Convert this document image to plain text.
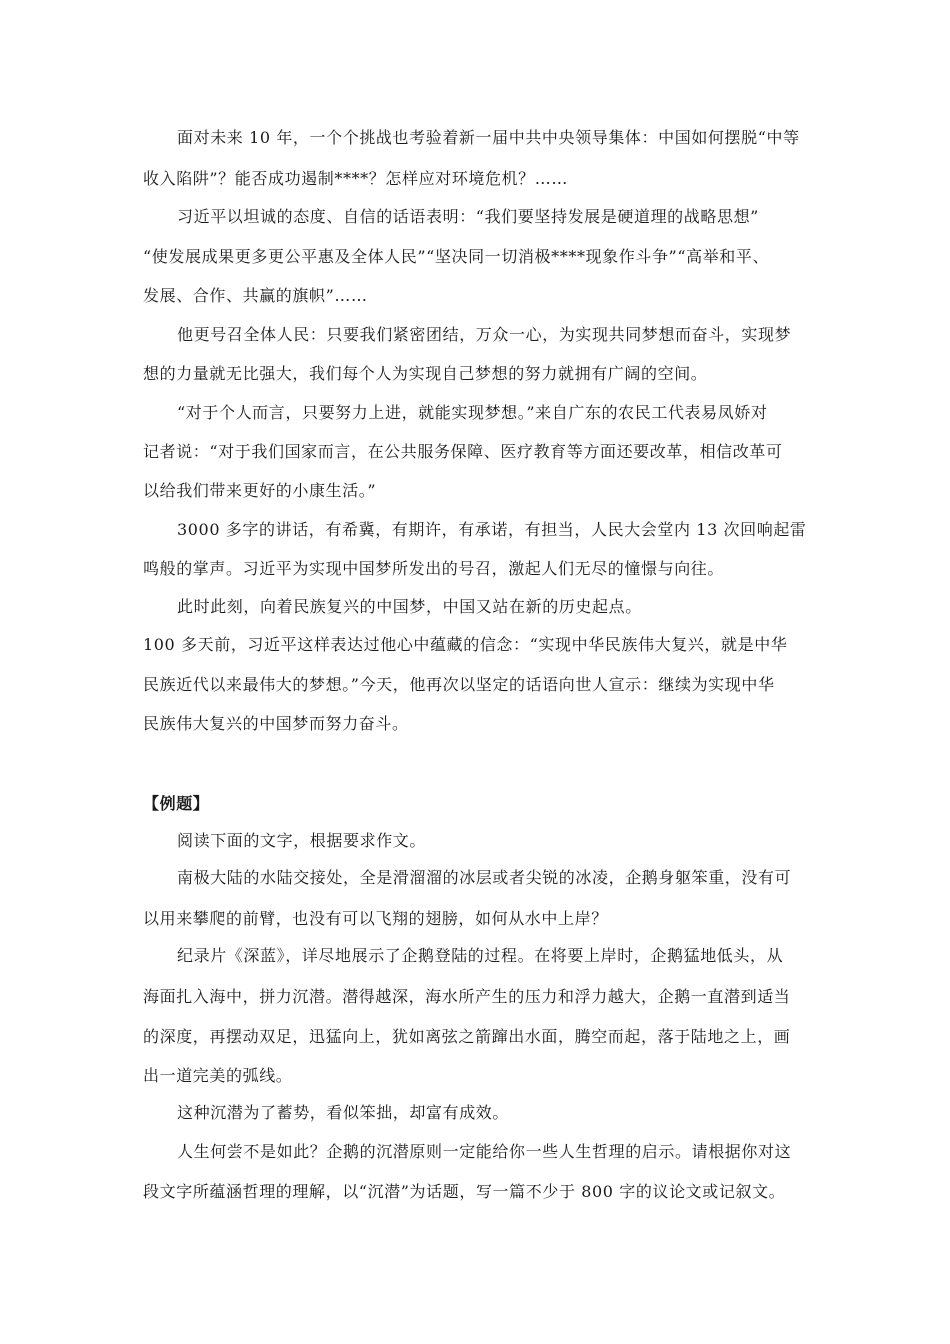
面对未来 10 年，一个个挑战也考验着新一届中共中央领导集体：中国如何摆脱“中等
收入陷阱”？能否成功遏制****？怎样应对环境危机？……
习近平以坦诚的态度、自信的话语表明：“我们要坚持发展是硬道理的战略思想”
“使发展成果更多更公平惠及全体人民”“坚决同一切消极****现象作斗争”“高举和平、
发展、合作、共赢的旗帜”……
他更号召全体人民：只要我们紧密团结，万众一心，为实现共同梦想而奋斗，实现梦
想的力量就无比强大，我们每个人为实现自己梦想的努力就拥有广阔的空间。
“对于个人而言，只要努力上进，就能实现梦想。”来自广东的农民工代表易凤娇对
记者说：“对于我们国家而言，在公共服务保障、医疗教育等方面还要改革，相信改革可
以给我们带来更好的小康生活。”
3000 多字的讲话，有希冀，有期许，有承诺，有担当，人民大会堂内 13 次回响起雷
鸣般的掌声。习近平为实现中国梦所发出的号召，激起人们无尽的憧憬与向往。
此时此刻，向着民族复兴的中国梦，中国又站在新的历史起点。
100 多天前，习近平这样表达过他心中蕴藏的信念：“实现中华民族伟大复兴，就是中华
民族近代以来最伟大的梦想。”今天，他再次以坚定的话语向世人宣示：继续为实现中华
民族伟大复兴的中国梦而努力奋斗。
【例题】
阅读下面的文字，根据要求作文。
南极大陆的水陆交接处，全是滑溜溜的冰层或者尖锐的冰凌，企鹅身躯笨重，没有可
以用来攀爬的前臂，也没有可以飞翔的翅膀，如何从水中上岸？
纪录片《深蓝》，详尽地展示了企鹅登陆的过程。在将要上岸时，企鹅猛地低头，从
海面扎入海中，拼力沉潜。潜得越深，海水所产生的压力和浮力越大，企鹅一直潜到适当
的深度，再摆动双足，迅猛向上，犹如离弦之箭蹿出水面，腾空而起，落于陆地之上，画
出一道完美的弧线。
这种沉潜为了蓄势，看似笨拙，却富有成效。
人生何尝不是如此？企鹅的沉潜原则一定能给你一些人生哲理的启示。请根据你对这
段文字所蕴涵哲理的理解，以“沉潜”为话题，写一篇不少于 800 字的议论文或记叙文。
